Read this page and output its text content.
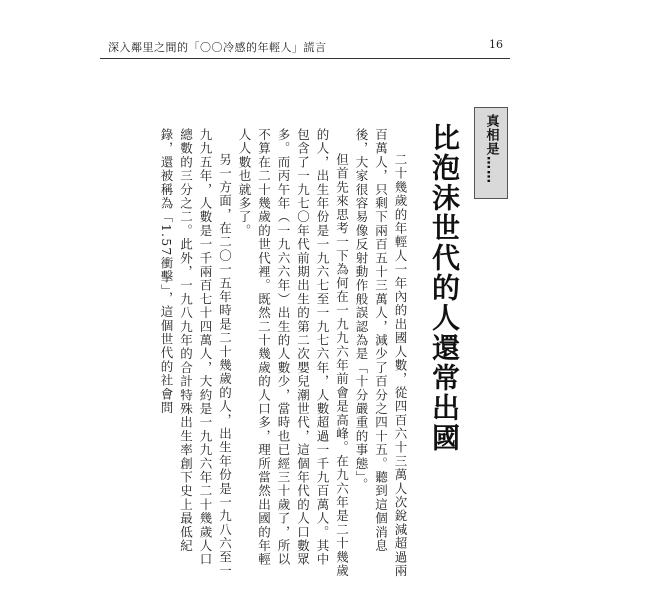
深入鄰里之間的「〇〇冷感的年輕人」謊言	16
真相是……
比泡沫世代的人還常出國

二十幾歲的年輕人一年內的出國人數，從四百六十三萬人次銳減超過兩百萬人，只剩下兩百五十三萬人，減少了百分之四十五。聽到這個消息後，大家很容易像反射動作般誤認為是「十分嚴重的事態」。

但首先來思考一下為何在一九九六年前會是高峰。在九六年是二十幾歲的人，出生年份是一九六七至一九七六年，人數超過一千九百萬人。其中包含了一九七〇年代前期出生的第二次嬰兒潮世代，這個年代的人口數眾多。而丙午年（一九六六年）出生的人數少，當時也已經三十歲了，所以不算在二十幾歲的世代裡。既然二十幾歲的人口多，理所當然出國的年輕人人數也就多了。

另一方面，在二〇一五年時是二十幾歲的人，出生年份是一九八六至一九九五年，人數是一千兩百七十四萬人，大約是一九九六年二十幾歲人口總數的三分之二。此外，一九八九年的合計特殊出生率創下史上最低紀錄，還被稱為「1.57衝擊」，這個世代的社會問
